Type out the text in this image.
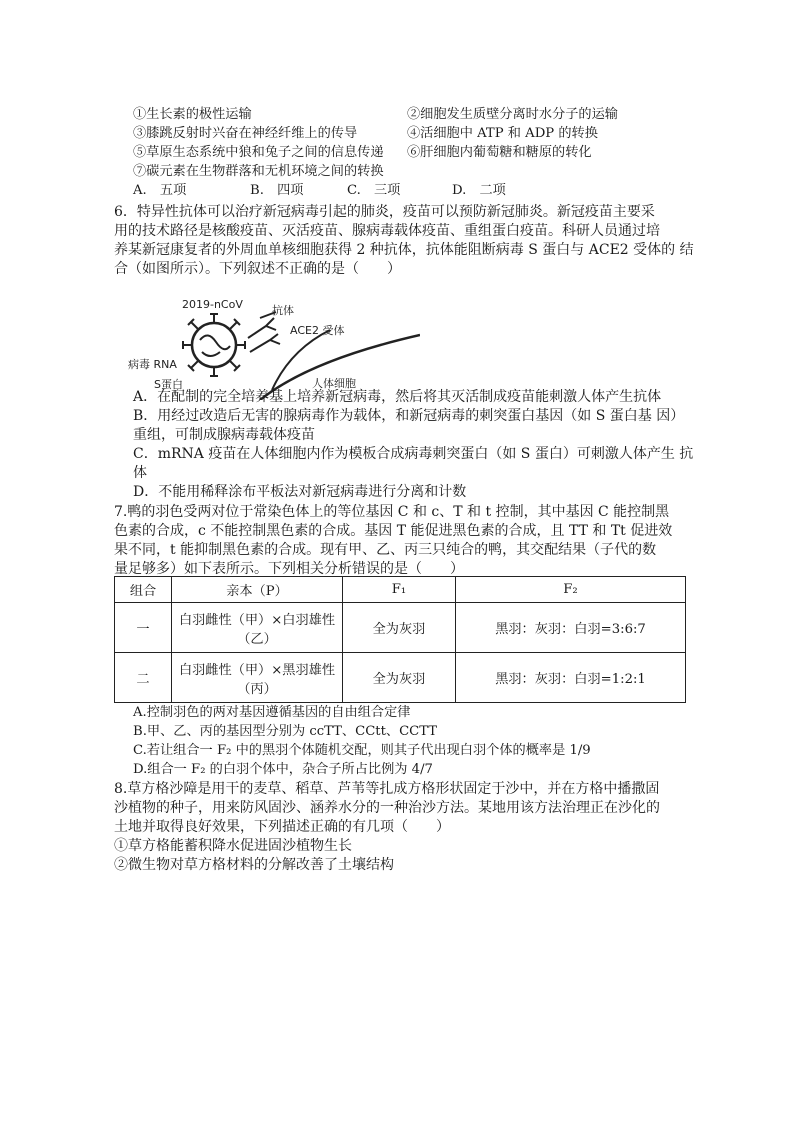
①生长素的极性运输	②细胞发生质壁分离时水分子的运输
③膝跳反射时兴奋在神经纤维上的传导	④活细胞中 ATP 和 ADP 的转换
⑤草原生态系统中狼和兔子之间的信息传递 ⑥肝细胞内葡萄糖和糖原的转化
⑦碳元素在生物群落和无机环境之间的转换
A.　五项	B.　四项	C.　三项	D.　二项
6．特异性抗体可以治疗新冠病毒引起的肺炎，疫苗可以预防新冠肺炎。新冠疫苗主要采
用的技术路径是核酸疫苗、灭活疫苗、腺病毒载体疫苗、重组蛋白疫苗。科研人员通过培
养某新冠康复者的外周血单核细胞获得 2 种抗体，抗体能阻断病毒 S 蛋白与 ACE2 受体的 结
合（如图所示）。下列叙述不正确的是（　　）
2019-nCoV	抗体
ACE2 受体
病毒 RNA
S蛋白	人体细胞
A．在配制的完全培养基上培养新冠病毒，然后将其灭活制成疫苗能刺激人体产生抗体
B．用经过改造后无害的腺病毒作为载体，和新冠病毒的刺突蛋白基因（如 S 蛋白基 因）
重组，可制成腺病毒载体疫苗
C．mRNA 疫苗在人体细胞内作为模板合成病毒刺突蛋白（如 S 蛋白）可刺激人体产生 抗
体
D．不能用稀释涂布平板法对新冠病毒进行分离和计数
7.鸭的羽色受两对位于常染色体上的等位基因 C 和 c、T 和 t 控制，其中基因 C 能控制黑
色素的合成，c 不能控制黑色素的合成。基因 T 能促进黑色素的合成，且 TT 和 Tt 促进效
果不同，t 能抑制黑色素的合成。现有甲、乙、丙三只纯合的鸭，其交配结果（子代的数
量足够多）如下表所示。下列相关分析错误的是（　　）
组合	亲本（P）	F₁	F₂
一	白羽雌性（甲）×白羽雄性
（乙）	全为灰羽	黑羽：灰羽：白羽=3:6:7
二	白羽雌性（甲）×黑羽雄性
（丙）	全为灰羽	黑羽：灰羽：白羽=1:2:1
A.控制羽色的两对基因遵循基因的自由组合定律
B.甲、乙、丙的基因型分别为 ccTT、CCtt、CCTT
C.若让组合一 F₂ 中的黑羽个体随机交配，则其子代出现白羽个体的概率是 1/9
D.组合一 F₂ 的白羽个体中，杂合子所占比例为 4/7
8.草方格沙障是用干的麦草、稻草、芦苇等扎成方格形状固定于沙中，并在方格中播撒固
沙植物的种子，用来防风固沙、涵养水分的一种治沙方法。某地用该方法治理正在沙化的
土地并取得良好效果，下列描述正确的有几项（　　）
①草方格能蓄积降水促进固沙植物生长
②微生物对草方格材料的分解改善了土壤结构
